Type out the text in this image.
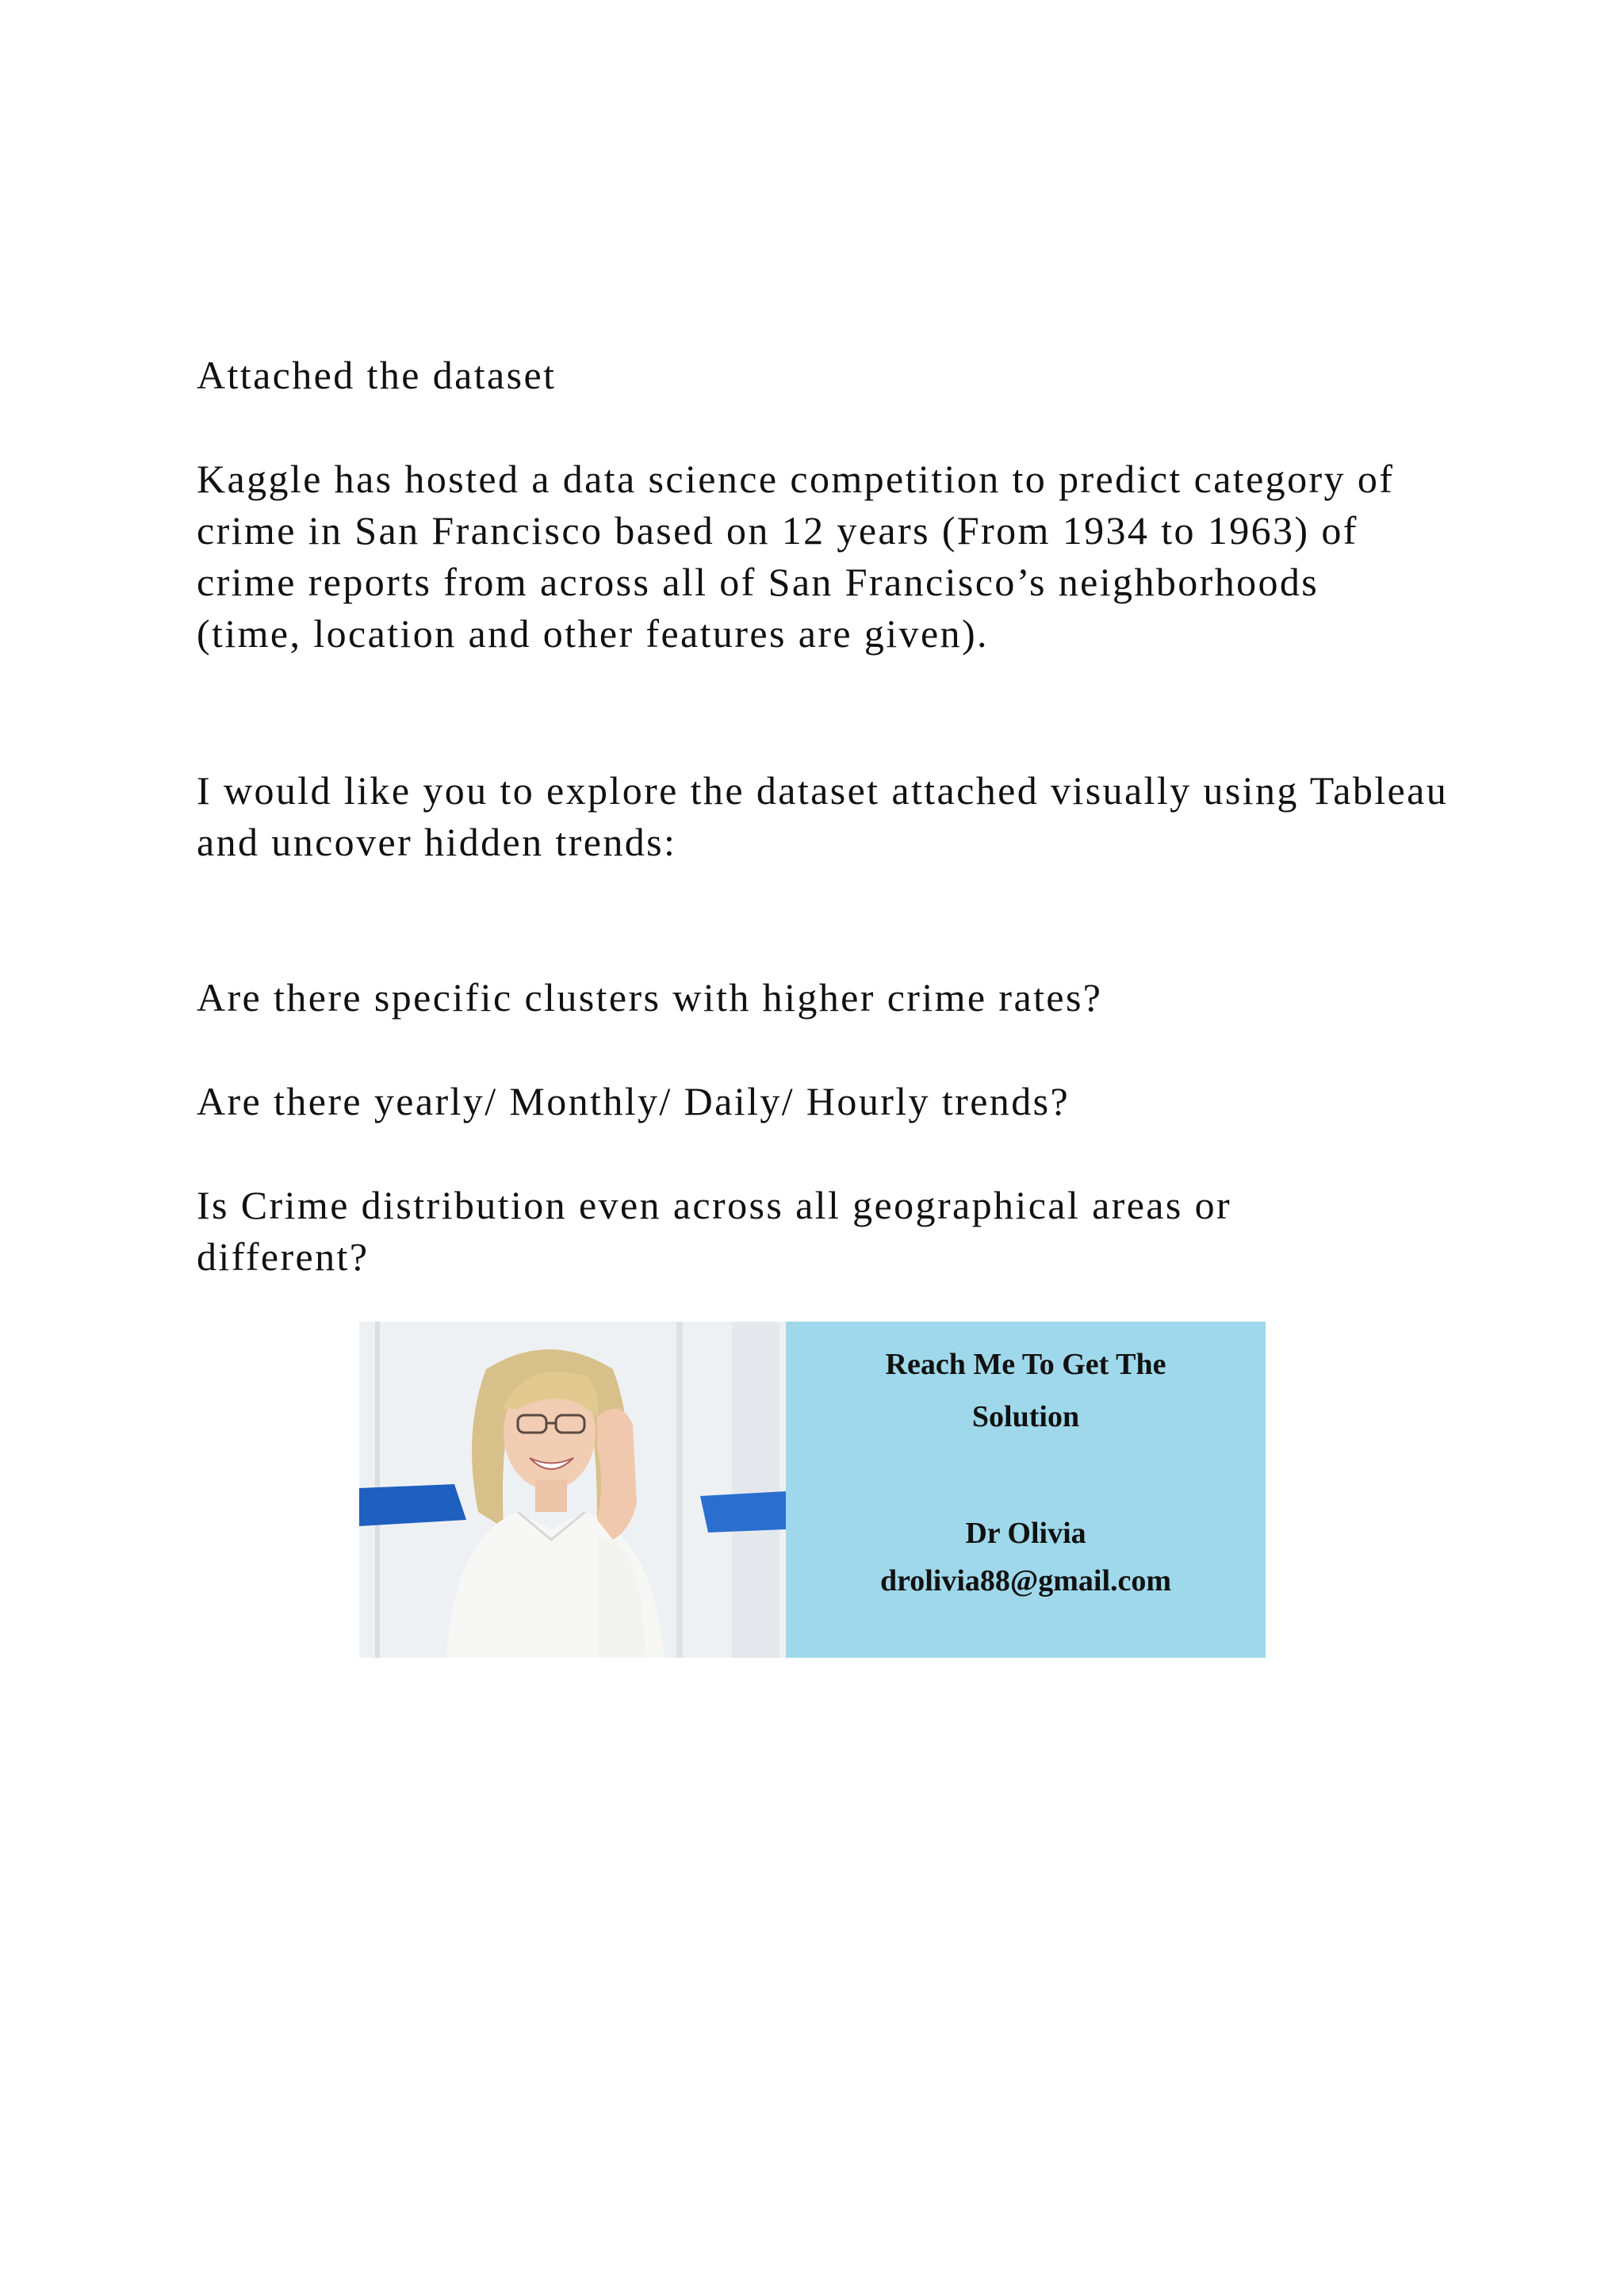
Attached the dataset

Kaggle has hosted a data science competition to predict category of crime in San Francisco based on 12 years (From 1934 to 1963) of crime reports from across all of San Francisco’s neighborhoods (time, location and other features are given).

I would like you to explore the dataset attached visually using Tableau and uncover hidden trends:

Are there specific clusters with higher crime rates?

Are there yearly/ Monthly/ Daily/ Hourly trends?

Is Crime distribution even across all geographical areas or different?

Reach Me To Get The
Solution
Dr Olivia
drolivia88@gmail.com
